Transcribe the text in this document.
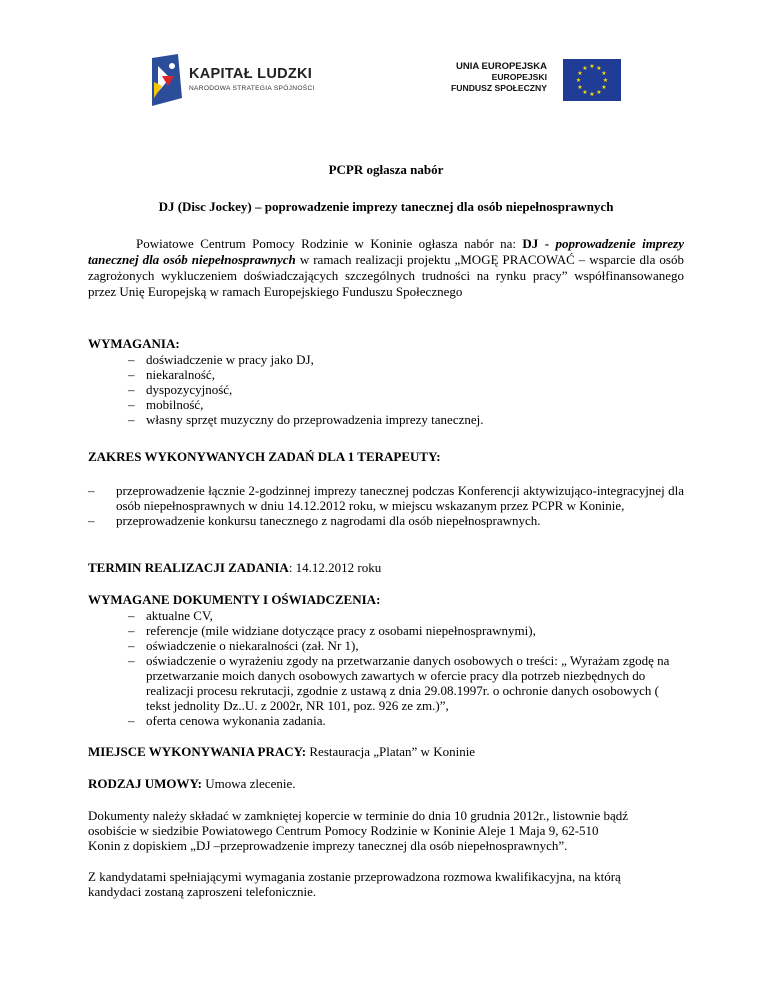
KAPITAŁ LUDZKI
NARODOWA STRATEGIA SPÓJNOŚCI
UNIA EUROPEJSKA
EUROPEJSKI
FUNDUSZ SPOŁECZNY
★ ★
★
★
★
★
★
★
★
★
★
★

PCPR ogłasza nabór

DJ (Disc Jockey) – poprowadzenie imprezy tanecznej dla osób niepełnosprawnych

Powiatowe Centrum Pomocy Rodzinie w Koninie ogłasza nabór na: DJ - poprowadzenie imprezy tanecznej dla osób niepełnosprawnych w ramach realizacji projektu „MOGĘ PRACOWAĆ – wsparcie dla osób zagrożonych wykluczeniem doświadczających szczególnych trudności na rynku pracy” współfinansowanego przez Unię Europejską w ramach Europejskiego Funduszu Społecznego

WYMAGANIA:

– doświadczenie w pracy jako DJ,
– niekaralność,
– dyspozycyjność,
– mobilność,
– własny sprzęt muzyczny do przeprowadzenia imprezy tanecznej.

ZAKRES WYKONYWANYCH ZADAŃ DLA 1 TERAPEUTY:

– przeprowadzenie łącznie 2-godzinnej imprezy tanecznej podczas Konferencji aktywizująco-integracyjnej dla osób niepełnosprawnych w dniu 14.12.2012 roku, w miejscu wskazanym przez PCPR w Koninie,
– przeprowadzenie konkursu tanecznego z nagrodami dla osób niepełnosprawnych.

TERMIN REALIZACJI ZADANIA: 14.12.2012 roku

WYMAGANE DOKUMENTY I OŚWIADCZENIA:

– aktualne CV,
– referencje (mile widziane dotyczące pracy z osobami niepełnosprawnymi),
– oświadczenie o niekaralności (zał. Nr 1),
– oświadczenie o wyrażeniu zgody na przetwarzanie danych osobowych o treści: „ Wyrażam zgodę na przetwarzanie moich danych osobowych zawartych w ofercie pracy dla potrzeb niezbędnych do realizacji procesu rekrutacji, zgodnie z ustawą z dnia 29.08.1997r. o ochronie danych osobowych ( tekst jednolity Dz..U. z 2002r, NR 101, poz. 926 ze zm.)”,
– oferta cenowa wykonania zadania.

MIEJSCE WYKONYWANIA PRACY: Restauracja „Platan” w Koninie

RODZAJ UMOWY: Umowa zlecenie.

Dokumenty należy składać w zamkniętej kopercie w terminie do dnia 10 grudnia 2012r., listownie bądź osobiście w siedzibie Powiatowego Centrum Pomocy Rodzinie w Koninie Aleje 1 Maja 9, 62-510 Konin z dopiskiem „DJ –przeprowadzenie imprezy tanecznej dla osób niepełnosprawnych”.

Z kandydatami spełniającymi wymagania zostanie przeprowadzona rozmowa kwalifikacyjna, na którą kandydaci zostaną zaproszeni telefonicznie.
